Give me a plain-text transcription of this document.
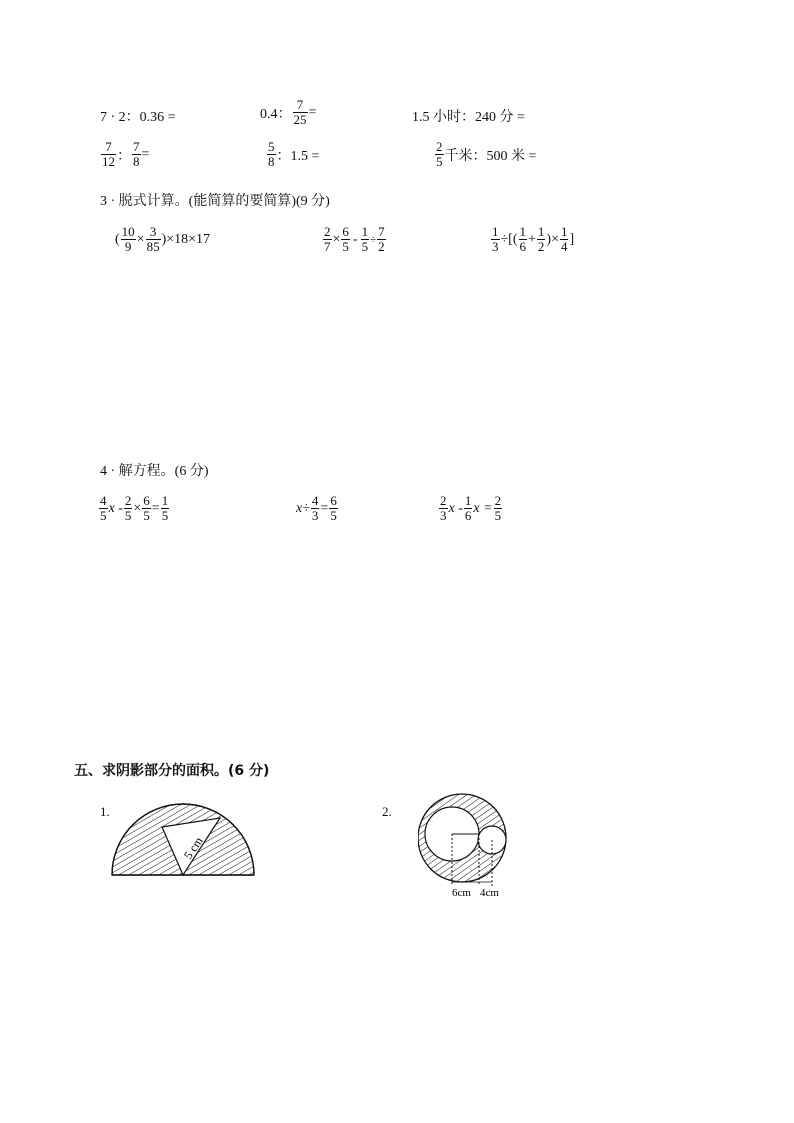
7 · 2：0.36 =	0.4： $\frac{7}{25}$ =	1.5 小时：240 分 =
$\frac{7}{12}$ ： $\frac{7}{8}$ =	$\frac{5}{8}$ ：1.5 =	$\frac{2}{5}$ 千米：500 米 =
3 · 脱式计算。(能简算的要简算)(9 分)
( $\frac{10}{9} \times \frac{3}{85} )\times 18\times 17$	$\frac{2}{7} \times \frac{6}{5} - \frac{1}{5} \div \frac{7}{2}$	$\frac{1}{3}$ ÷[( $\frac{1}{6} + \frac{1}{2}$ )× $\frac{1}{4}$ ]
4 · 解方程。(6 分)
$\frac{4}{5}$ $x - \frac{2}{5} \times \frac{6}{5} = \frac{1}{5}$	$x\div \frac{4}{3} = \frac{6}{5}$	$\frac{2}{3}$ x - $\frac{1}{6}$ $x = \frac{2}{5}$
五、求阴影部分的面积。(6 分)
1.	2.
5 cm
6cm 4cm
